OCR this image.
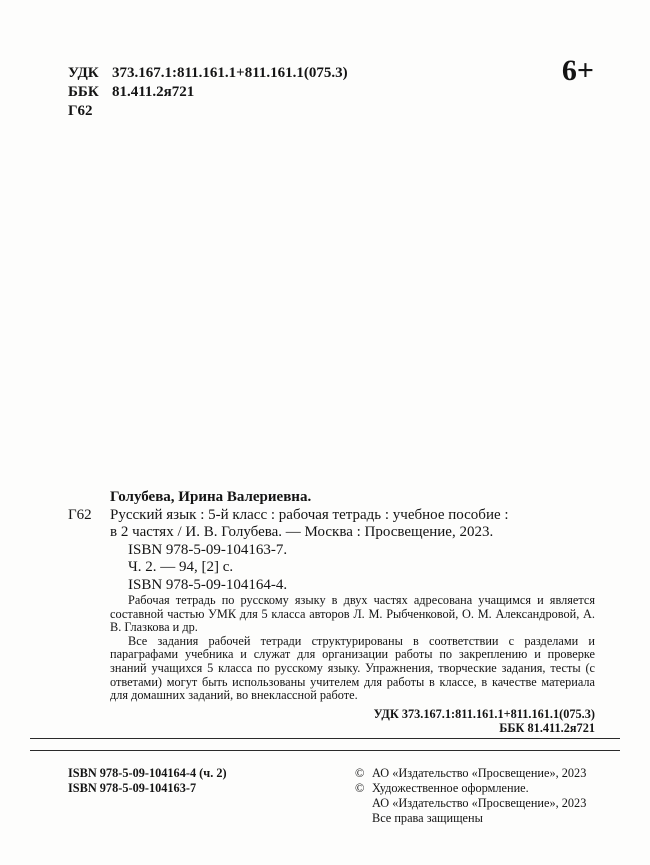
УДК 373.167.1:811.161.1+811.161.1(075.3)
ББК 81.411.2я721
Г62
6+

Голубева, Ирина Валериевна.

Г62 Русский язык : 5-й класс : рабочая тетрадь : учебное пособие :

в 2 частях / И. В. Голубева. — Москва : Просвещение, 2023.

ISBN 978-5-09-104163-7.

Ч. 2. — 94, [2] с.

ISBN 978-5-09-104164-4.

Рабочая тетрадь по русскому языку в двух частях адресована учащимся и является составной частью УМК для 5 класса авторов Л. М. Рыбченковой, О. М. Александровой, А. В. Глазкова и др.

Все задания рабочей тетради структурированы в соответствии с разделами и параграфами учебника и служат для организации работы по закреплению и проверке знаний учащихся 5 класса по русскому языку. Упражнения, творческие задания, тесты (с ответами) могут быть использованы учителем для работы в классе, в качестве материала для домашних заданий, во внеклассной работе.

УДК 373.167.1:811.161.1+811.161.1(075.3)
ББК 81.411.2я721
ISBN 978-5-09-104164-4 (ч. 2)
ISBN 978-5-09-104163-7
© АО «Издательство «Просвещение», 2023
© Художественное оформление.
АО «Издательство «Просвещение», 2023
Все права защищены
